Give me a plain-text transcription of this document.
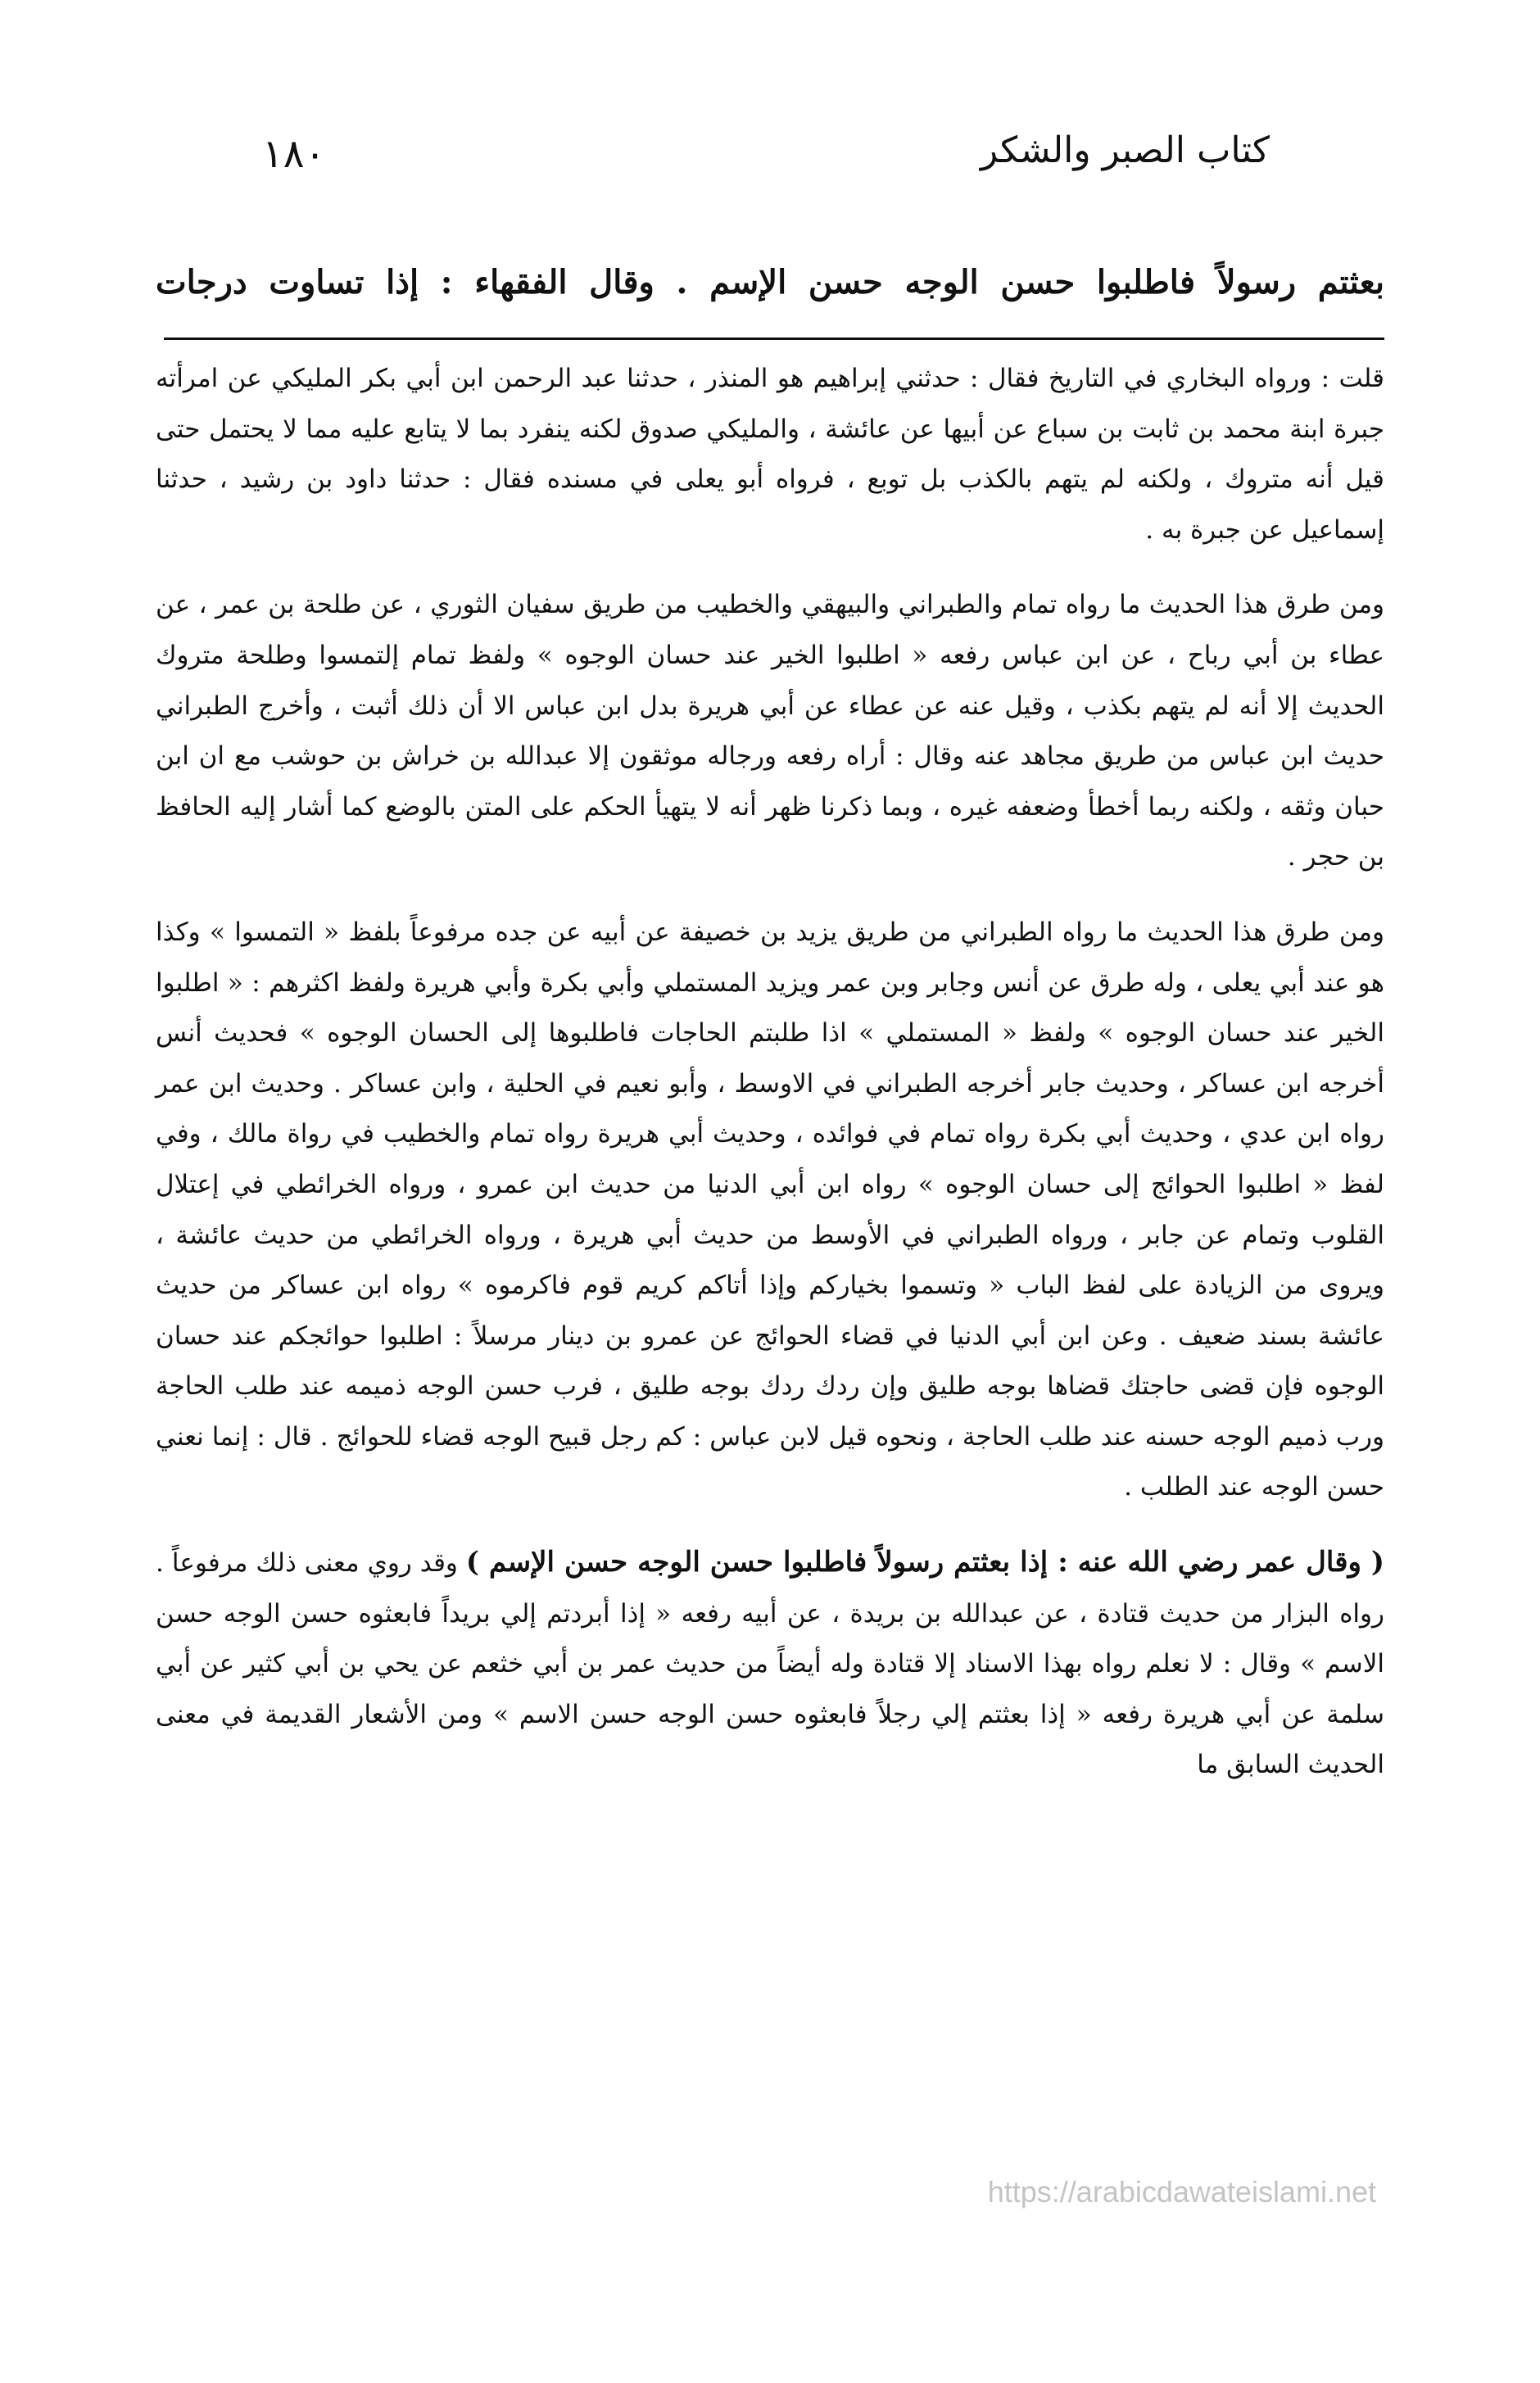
١٨٠	كتاب الصبر والشكر
بعثتم رسولاً فاطلبوا حسن الوجه حسن الإسم . وقال الفقهاء : إذا تساوت درجات

قلت : ورواه البخاري في التاريخ فقال : حدثني إبراهيم هو المنذر ، حدثنا عبد الرحمن ابن أبي بكر المليكي عن امرأته جبرة ابنة محمد بن ثابت بن سباع عن أبيها عن عائشة ، والمليكي صدوق لكنه ينفرد بما لا يتابع عليه مما لا يحتمل حتى قيل أنه متروك ، ولكنه لم يتهم بالكذب بل توبع ، فرواه أبو يعلى في مسنده فقال : حدثنا داود بن رشيد ، حدثنا إسماعيل عن جبرة به .

ومن طرق هذا الحديث ما رواه تمام والطبراني والبيهقي والخطيب من طريق سفيان الثوري ، عن طلحة بن عمر ، عن عطاء بن أبي رباح ، عن ابن عباس رفعه « اطلبوا الخير عند حسان الوجوه » ولفظ تمام إلتمسوا وطلحة متروك الحديث إلا أنه لم يتهم بكذب ، وقيل عنه عن عطاء عن أبي هريرة بدل ابن عباس الا أن ذلك أثبت ، وأخرج الطبراني حديث ابن عباس من طريق مجاهد عنه وقال : أراه رفعه ورجاله موثقون إلا عبدالله بن خراش بن حوشب مع ان ابن حبان وثقه ، ولكنه ربما أخطأ وضعفه غيره ، وبما ذكرنا ظهر أنه لا يتهيأ الحكم على المتن بالوضع كما أشار إليه الحافظ بن حجر .

ومن طرق هذا الحديث ما رواه الطبراني من طريق يزيد بن خصيفة عن أبيه عن جده مرفوعاً بلفظ « التمسوا » وكذا هو عند أبي يعلى ، وله طرق عن أنس وجابر وبن عمر ويزيد المستملي وأبي بكرة وأبي هريرة ولفظ اكثرهم : « اطلبوا الخير عند حسان الوجوه » ولفظ « المستملي » اذا طلبتم الحاجات فاطلبوها إلى الحسان الوجوه » فحديث أنس أخرجه ابن عساكر ، وحديث جابر أخرجه الطبراني في الاوسط ، وأبو نعيم في الحلية ، وابن عساكر . وحديث ابن عمر رواه ابن عدي ، وحديث أبي بكرة رواه تمام في فوائده ، وحديث أبي هريرة رواه تمام والخطيب في رواة مالك ، وفي لفظ « اطلبوا الحوائج إلى حسان الوجوه » رواه ابن أبي الدنيا من حديث ابن عمرو ، ورواه الخرائطي في إعتلال القلوب وتمام عن جابر ، ورواه الطبراني في الأوسط من حديث أبي هريرة ، ورواه الخرائطي من حديث عائشة ، ويروى من الزيادة على لفظ الباب « وتسموا بخياركم وإذا أتاكم كريم قوم فاكرموه » رواه ابن عساكر من حديث عائشة بسند ضعيف . وعن ابن أبي الدنيا في قضاء الحوائج عن عمرو بن دينار مرسلاً : اطلبوا حوائجكم عند حسان الوجوه فإن قضى حاجتك قضاها بوجه طليق وإن ردك ردك بوجه طليق ، فرب حسن الوجه ذميمه عند طلب الحاجة ورب ذميم الوجه حسنه عند طلب الحاجة ، ونحوه قيل لابن عباس : كم رجل قبيح الوجه قضاء للحوائج . قال : إنما نعني حسن الوجه عند الطلب .

( وقال عمر رضي الله عنه : إذا بعثتم رسولاً فاطلبوا حسن الوجه حسن الإسم ) وقد روي معنى ذلك مرفوعاً . رواه البزار من حديث قتادة ، عن عبدالله بن بريدة ، عن أبيه رفعه « إذا أبردتم إلي بريداً فابعثوه حسن الوجه حسن الاسم » وقال : لا نعلم رواه بهذا الاسناد إلا قتادة وله أيضاً من حديث عمر بن أبي خثعم عن يحي بن أبي كثير عن أبي سلمة عن أبي هريرة رفعه « إذا بعثتم إلي رجلاً فابعثوه حسن الوجه حسن الاسم » ومن الأشعار القديمة في معنى الحديث السابق ما

https://arabicdawateislami.net
